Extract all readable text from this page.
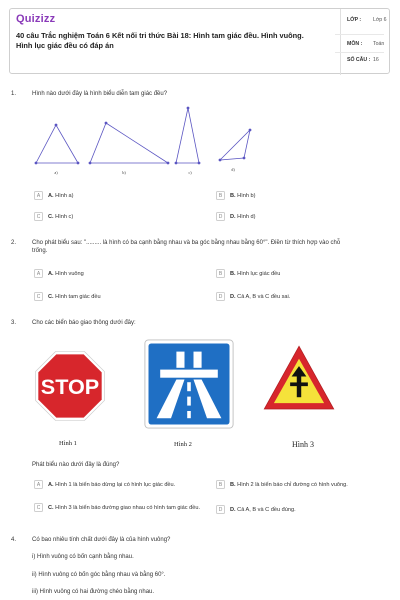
Quizizz
40 câu Trắc nghiệm Toán 6 Kết nối tri thức Bài 18: Hình tam giác đều. Hình vuông. Hình lục giác đều có đáp án
LỚP :	Lớp 6
MÔN :	Toán
SỐ CÂU : 16
1.	Hình nào dưới đây là hình biểu diễn tam giác đều?
a)	b)	c)
d)
A	A. Hình a)	B	B. Hình b)
C	C. Hình c)	D	D. Hình d)
2.	Cho phát biểu sau: "......... là hình có ba cạnh bằng nhau và ba góc bằng nhau bằng 60°". Điền từ thích hợp vào chỗ
trống.
A	A. Hình vuông	B	B. Hình lục giác đều
C	C. Hình tam giác đều	D	D. Cả A, B và C đều sai.
3.	Cho các biển báo giao thông dưới đây:
STOP
Hình 1	Hình 2	Hình 3
Phát biểu nào dưới đây là đúng?
A	A. Hình 1 là biển báo dừng lại có hình lục giác đều.	B	B. Hình 2 là biển báo chỉ đường có hình vuông.
C	C. Hình 3 là biển báo đường giao nhau có hình tam giác đều.	D	D. Cả A, B và C đều đúng.
4.	Có bao nhiêu tính chất dưới đây là của hình vuông?
i) Hình vuông có bốn cạnh bằng nhau.
ii) Hình vuông có bốn góc bằng nhau và bằng 60°.
iii) Hình vuông có hai đường chéo bằng nhau.
